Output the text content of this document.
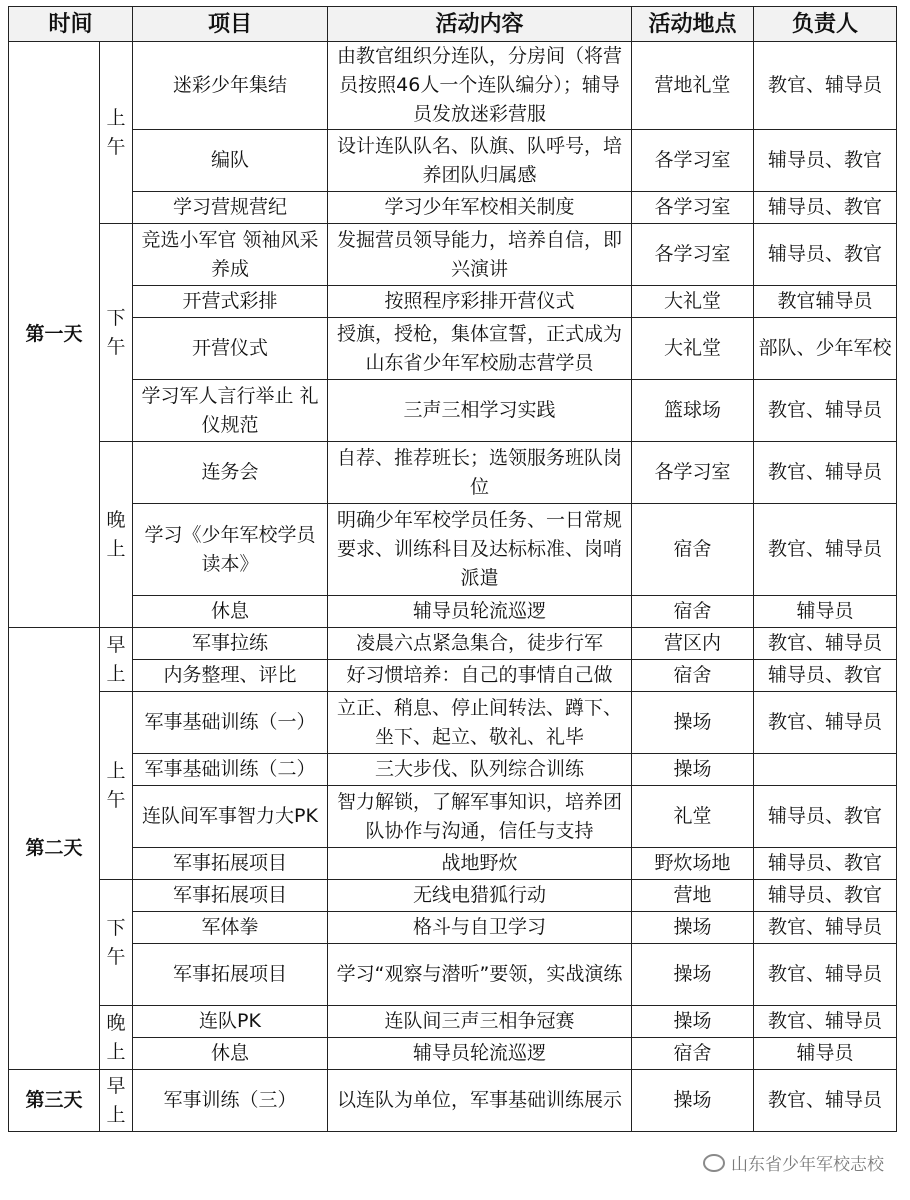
时间		项目	活动内容	活动地点	负责人
第一天	上午	迷彩少年集结	由教官组织分连队，分房间（将营员按照46人一个连队编分）；辅导员发放迷彩营服	营地礼堂	教官、辅导员
		编队	设计连队队名、队旗、队呼号，培养团队归属感	各学习室	辅导员、教官
		学习营规营纪	学习少年军校相关制度	各学习室	辅导员、教官
	下午	竞选小军官 领袖风采养成	发掘营员领导能力，培养自信，即兴演讲	各学习室	辅导员、教官
		开营式彩排	按照程序彩排开营仪式	大礼堂	教官辅导员
		开营仪式	授旗，授枪，集体宣誓，正式成为山东省少年军校励志营学员	大礼堂	部队、少年军校
		学习军人言行举止 礼仪规范	三声三相学习实践	篮球场	教官、辅导员
	晚上	连务会	自荐、推荐班长；选领服务班队岗位	各学习室	教官、辅导员
		学习《少年军校学员读本》	明确少年军校学员任务、一日常规要求、训练科目及达标标准、岗哨派遣	宿舍	教官、辅导员
		休息	辅导员轮流巡逻	宿舍	辅导员
第二天	早上	军事拉练	凌晨六点紧急集合，徒步行军	营区内	教官、辅导员
		内务整理、评比	好习惯培养：自己的事情自己做	宿舍	辅导员、教官
	上午	军事基础训练（一）	立正、稍息、停止间转法、蹲下、坐下、起立、敬礼、礼毕	操场	教官、辅导员
		军事基础训练（二）	三大步伐、队列综合训练	操场	
		连队间军事智力大PK	智力解锁，了解军事知识，培养团队协作与沟通，信任与支持	礼堂	辅导员、教官
		军事拓展项目	战地野炊	野炊场地	辅导员、教官
	下午	军事拓展项目	无线电猎狐行动	营地	辅导员、教官
		军体拳	格斗与自卫学习	操场	教官、辅导员
		军事拓展项目	学习“观察与潜听”要领，实战演练	操场	教官、辅导员
	晚上	连队PK	连队间三声三相争冠赛	操场	教官、辅导员
		休息	辅导员轮流巡逻	宿舍	辅导员
第三天	早上	军事训练（三）	以连队为单位，军事基础训练展示	操场	教官、辅导员
山东省少年军校志校
